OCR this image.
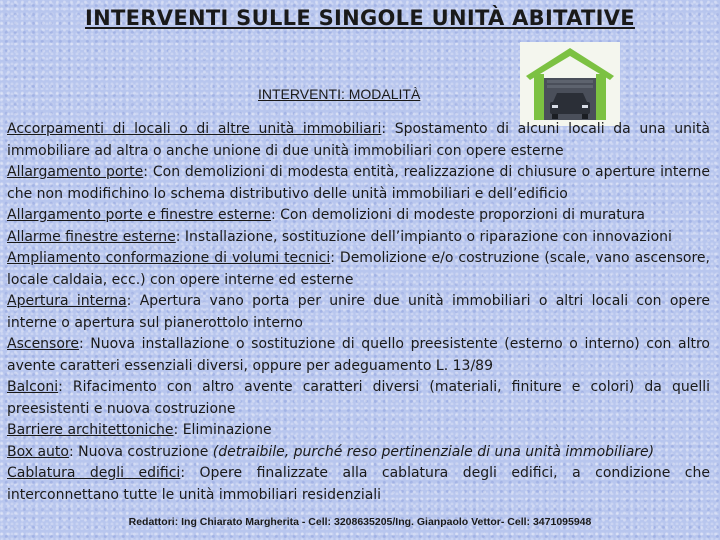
INTERVENTI SULLE SINGOLE UNITÀ ABITATIVE
INTERVENTI: MODALITÀ

Accorpamenti di locali o di altre unità immobiliari: Spostamento di alcuni locali da una unità immobiliare ad altra o anche unione di due unità immobiliari con opere esterne

Allargamento porte: Con demolizioni di modesta entità, realizzazione di chiusure o aperture interne che non modifichino lo schema distributivo delle unità immobiliari e dell’edificio

Allargamento porte e finestre esterne: Con demolizioni di modeste proporzioni di muratura

Allarme finestre esterne: Installazione, sostituzione dell’impianto o riparazione con innovazioni

Ampliamento conformazione di volumi tecnici: Demolizione e/o costruzione (scale, vano ascensore, locale caldaia, ecc.) con opere interne ed esterne

Apertura interna: Apertura vano porta per unire due unità immobiliari o altri locali con opere interne o apertura sul pianerottolo interno

Ascensore: Nuova installazione o sostituzione di quello preesistente (esterno o interno) con altro avente caratteri essenziali diversi, oppure per adeguamento L. 13/89

Balconi: Rifacimento con altro avente caratteri diversi (materiali, finiture e colori) da quelli preesistenti e nuova costruzione

Barriere architettoniche: Eliminazione

Box auto: Nuova costruzione (detraibile, purché reso pertinenziale di una unità immobiliare)

Cablatura degli edifici: Opere finalizzate alla cablatura degli edifici, a condizione che interconnettano tutte le unità immobiliari residenziali

Redattori: Ing Chiarato Margherita - Cell: 3208635205/Ing. Gianpaolo Vettor- Cell: 3471095948
